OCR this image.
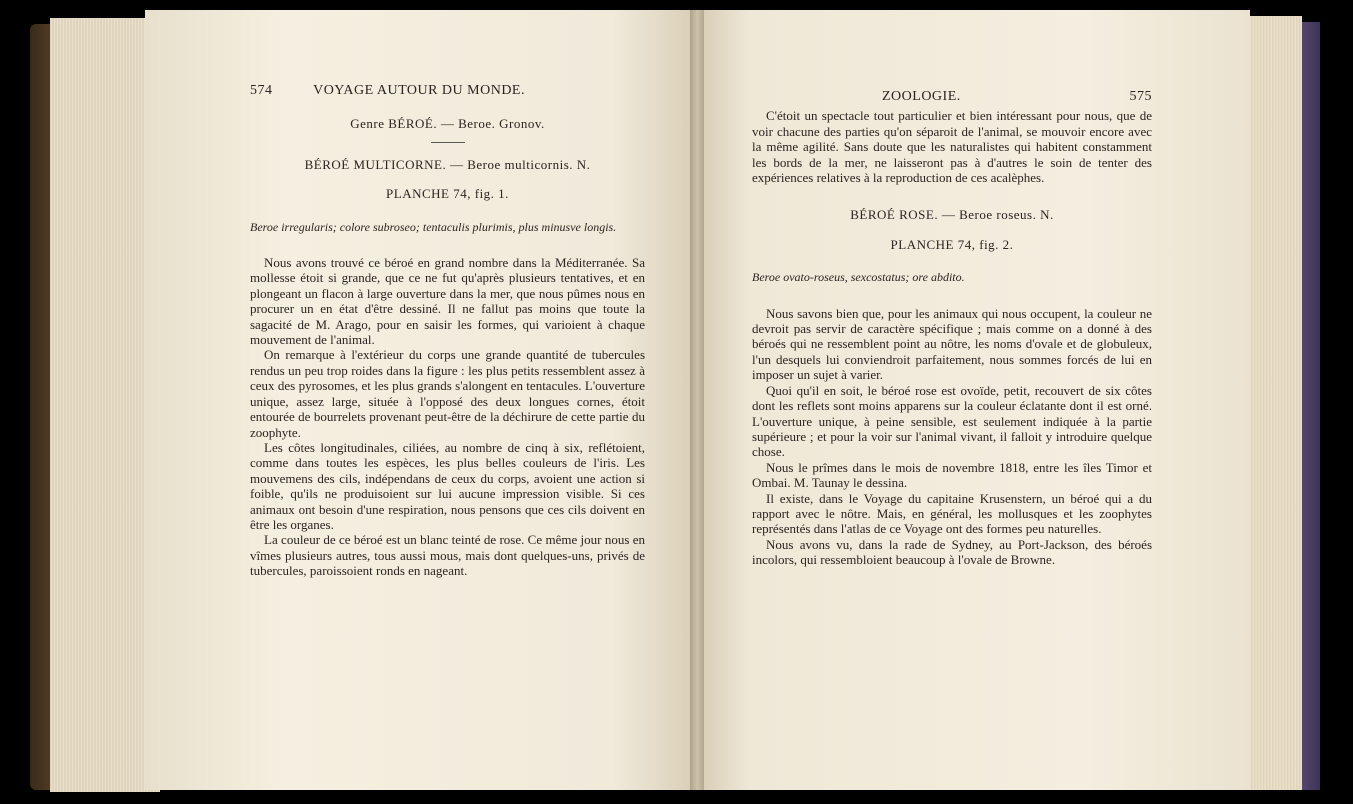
574	VOYAGE AUTOUR DU MONDE.
Genre BÉROÉ. — Beroe. Gronov.
BÉROÉ MULTICORNE. — Beroe multicornis. N.
PLANCHE 74, fig. 1.
Beroe irregularis; colore subroseo; tentaculis plurimis, plus minusve longis.

Nous avons trouvé ce béroé en grand nombre dans la Méditerranée. Sa mollesse étoit si grande, que ce ne fut qu'après plusieurs tentatives, et en plongeant un flacon à large ouverture dans la mer, que nous pûmes nous en procurer un en état d'être dessiné. Il ne fallut pas moins que toute la sagacité de M. Arago, pour en saisir les formes, qui varioient à chaque mouvement de l'animal.

On remarque à l'extérieur du corps une grande quantité de tubercules rendus un peu trop roides dans la figure : les plus petits ressemblent assez à ceux des pyrosomes, et les plus grands s'alongent en tentacules. L'ouverture unique, assez large, située à l'opposé des deux longues cornes, étoit entourée de bourrelets provenant peut-être de la déchirure de cette partie du zoophyte.

Les côtes longitudinales, ciliées, au nombre de cinq à six, reflétoient, comme dans toutes les espèces, les plus belles couleurs de l'iris. Les mouvemens des cils, indépendans de ceux du corps, avoient une action si foible, qu'ils ne produisoient sur lui aucune impression visible. Si ces animaux ont besoin d'une respiration, nous pensons que ces cils doivent en être les organes.

La couleur de ce béroé est un blanc teinté de rose. Ce même jour nous en vîmes plusieurs autres, tous aussi mous, mais dont quelques-uns, privés de tubercules, paroissoient ronds en nageant.

ZOOLOGIE.	575

C'étoit un spectacle tout particulier et bien intéressant pour nous, que de voir chacune des parties qu'on séparoit de l'animal, se mouvoir encore avec la même agilité. Sans doute que les naturalistes qui habitent constamment les bords de la mer, ne laisseront pas à d'autres le soin de tenter des expériences relatives à la reproduction de ces acalèphes.

BÉROÉ ROSE. — Beroe roseus. N.
PLANCHE 74, fig. 2.
Beroe ovato-roseus, sexcostatus; ore abdito.

Nous savons bien que, pour les animaux qui nous occupent, la couleur ne devroit pas servir de caractère spécifique ; mais comme on a donné à des béroés qui ne ressemblent point au nôtre, les noms d'ovale et de globuleux, l'un desquels lui conviendroit parfaitement, nous sommes forcés de lui en imposer un sujet à varier.

Quoi qu'il en soit, le béroé rose est ovoïde, petit, recouvert de six côtes dont les reflets sont moins apparens sur la couleur éclatante dont il est orné. L'ouverture unique, à peine sensible, est seulement indiquée à la partie supérieure ; et pour la voir sur l'animal vivant, il falloit y introduire quelque chose.

Nous le prîmes dans le mois de novembre 1818, entre les îles Timor et Ombai. M. Taunay le dessina.

Il existe, dans le Voyage du capitaine Krusenstern, un béroé qui a du rapport avec le nôtre. Mais, en général, les mollusques et les zoophytes représentés dans l'atlas de ce Voyage ont des formes peu naturelles.

Nous avons vu, dans la rade de Sydney, au Port-Jackson, des béroés incolors, qui ressembloient beaucoup à l'ovale de Browne.
